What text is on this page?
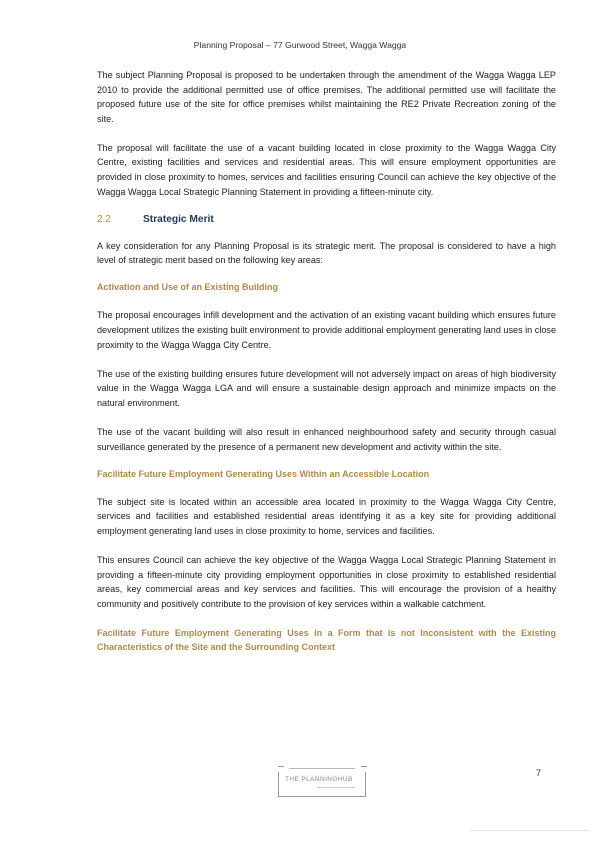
Planning Proposal – 77 Gurwood Street, Wagga Wagga

The subject Planning Proposal is proposed to be undertaken through the amendment of the Wagga Wagga LEP 2010 to provide the additional permitted use of office premises. The additional permitted use will facilitate the proposed future use of the site for office premises whilst maintaining the RE2 Private Recreation zoning of the site.

The proposal will facilitate the use of a vacant building located in close proximity to the Wagga Wagga City Centre, existing facilities and services and residential areas. This will ensure employment opportunities are provided in close proximity to homes, services and facilities ensuring Council can achieve the key objective of the Wagga Wagga Local Strategic Planning Statement in providing a fifteen-minute city.

2.2	Strategic Merit

A key consideration for any Planning Proposal is its strategic merit. The proposal is considered to have a high level of strategic merit based on the following key areas:

Activation and Use of an Existing Building

The proposal encourages infill development and the activation of an existing vacant building which ensures future development utilizes the existing built environment to provide additional employment generating land uses in close proximity to the Wagga Wagga City Centre.

The use of the existing building ensures future development will not adversely impact on areas of high biodiversity value in the Wagga Wagga LGA and will ensure a sustainable design approach and minimize impacts on the natural environment.

The use of the vacant building will also result in enhanced neighbourhood safety and security through casual surveillance generated by the presence of a permanent new development and activity within the site.

Facilitate Future Employment Generating Uses Within an Accessible Location

The subject site is located within an accessible area located in proximity to the Wagga Wagga City Centre, services and facilities and established residential areas identifying it as a key site for providing additional employment generating land uses in close proximity to home, services and facilities.

This ensures Council can achieve the key objective of the Wagga Wagga Local Strategic Planning Statement in providing a fifteen-minute city providing employment opportunities in close proximity to established residential areas, key commercial areas and key services and facilities. This will encourage the provision of a healthy community and positively contribute to the provision of key services within a walkable catchment.

Facilitate Future Employment Generating Uses in a Form that is not Inconsistent with the Existing Characteristics of the Site and the Surrounding Context
THE PLANNINGHUB
7
